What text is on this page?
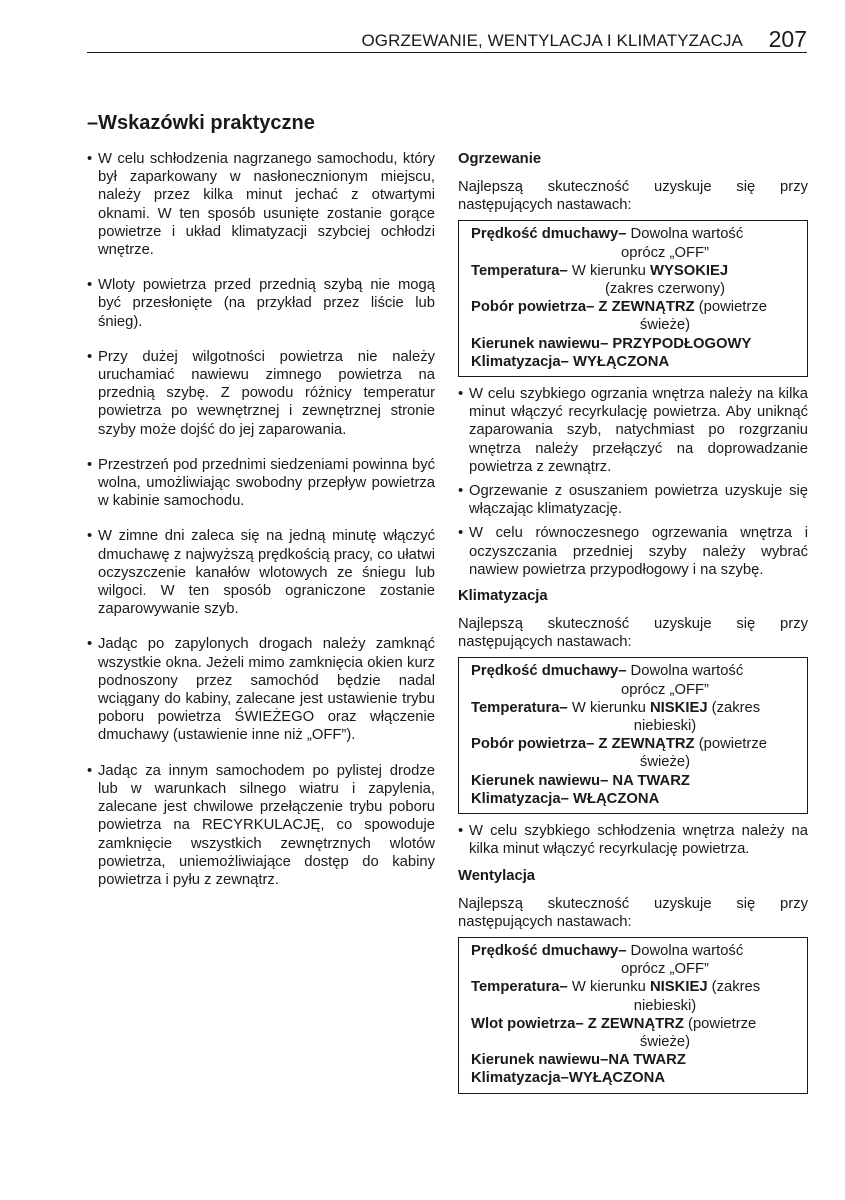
OGRZEWANIE, WENTYLACJA I KLIMATYZACJA 207
–Wskazówki praktyczne
• W celu schłodzenia nagrzanego samochodu, który był zaparkowany w nasłonecznionym miejscu, należy przez kilka minut jechać z otwartymi oknami. W ten sposób usunięte zostanie gorące powietrze i układ klimatyzacji szybciej ochłodzi wnętrze.
• Wloty powietrza przed przednią szybą nie mogą być przesłonięte (na przykład przez liście lub śnieg).
• Przy dużej wilgotności powietrza nie należy uruchamiać nawiewu zimnego powietrza na przednią szybę. Z powodu różnicy temperatur powietrza po wewnętrznej i zewnętrznej stronie szyby może dojść do jej zaparowania.
• Przestrzeń pod przednimi siedzeniami powinna być wolna, umożliwiając swobodny przepływ powietrza w kabinie samochodu.
• W zimne dni zaleca się na jedną minutę włączyć dmuchawę z najwyższą prędkością pracy, co ułatwi oczyszczenie kanałów wlotowych ze śniegu lub wilgoci. W ten sposób ograniczone zostanie zaparowywanie szyb.
• Jadąc po zapylonych drogach należy zamknąć wszystkie okna. Jeżeli mimo zamknięcia okien kurz podnoszony przez samochód będzie nadal wciągany do kabiny, zalecane jest ustawienie trybu poboru powietrza ŚWIEŻEGO oraz włączenie dmuchawy (ustawienie inne niż „OFF”).
• Jadąc za innym samochodem po pylistej drodze lub w warunkach silnego wiatru i zapylenia, zalecane jest chwilowe przełączenie trybu poboru powietrza na RECYRKULACJĘ, co spowoduje zamknięcie wszystkich zewnętrznych wlotów powietrza, uniemożliwiające dostęp do kabiny powietrza i pyłu z zewnątrz.

Ogrzewanie

Najlepszą skuteczność uzyskuje się przy następujących nastawach:

Prędkość dmuchawy– Dowolna wartość
oprócz „OFF”
Temperatura– W kierunku WYSOKIEJ
(zakres czerwony)
Pobór powietrza– Z ZEWNĄTRZ (powietrze
świeże)
Kierunek nawiewu– PRZYPODŁOGOWY
Klimatyzacja– WYŁĄCZONA
• W celu szybkiego ogrzania wnętrza należy na kilka minut włączyć recyrkulację powietrza. Aby uniknąć zaparowania szyb, natychmiast po rozgrzaniu wnętrza należy przełączyć na doprowadzanie powietrza z zewnątrz.
• Ogrzewanie z osuszaniem powietrza uzyskuje się włączając klimatyzację.
• W celu równoczesnego ogrzewania wnętrza i oczyszczania przedniej szyby należy wybrać nawiew powietrza przypodłogowy i na szybę.

Klimatyzacja

Najlepszą skuteczność uzyskuje się przy następujących nastawach:

Prędkość dmuchawy– Dowolna wartość
oprócz „OFF”
Temperatura– W kierunku NISKIEJ (zakres
niebieski)
Pobór powietrza– Z ZEWNĄTRZ (powietrze
świeże)
Kierunek nawiewu– NA TWARZ
Klimatyzacja– WŁĄCZONA
• W celu szybkiego schłodzenia wnętrza należy na kilka minut włączyć recyrkulację powietrza.

Wentylacja

Najlepszą skuteczność uzyskuje się przy następujących nastawach:

Prędkość dmuchawy– Dowolna wartość
oprócz „OFF”
Temperatura– W kierunku NISKIEJ (zakres
niebieski)
Wlot powietrza– Z ZEWNĄTRZ (powietrze
świeże)
Kierunek nawiewu–NA TWARZ
Klimatyzacja–WYŁĄCZONA
